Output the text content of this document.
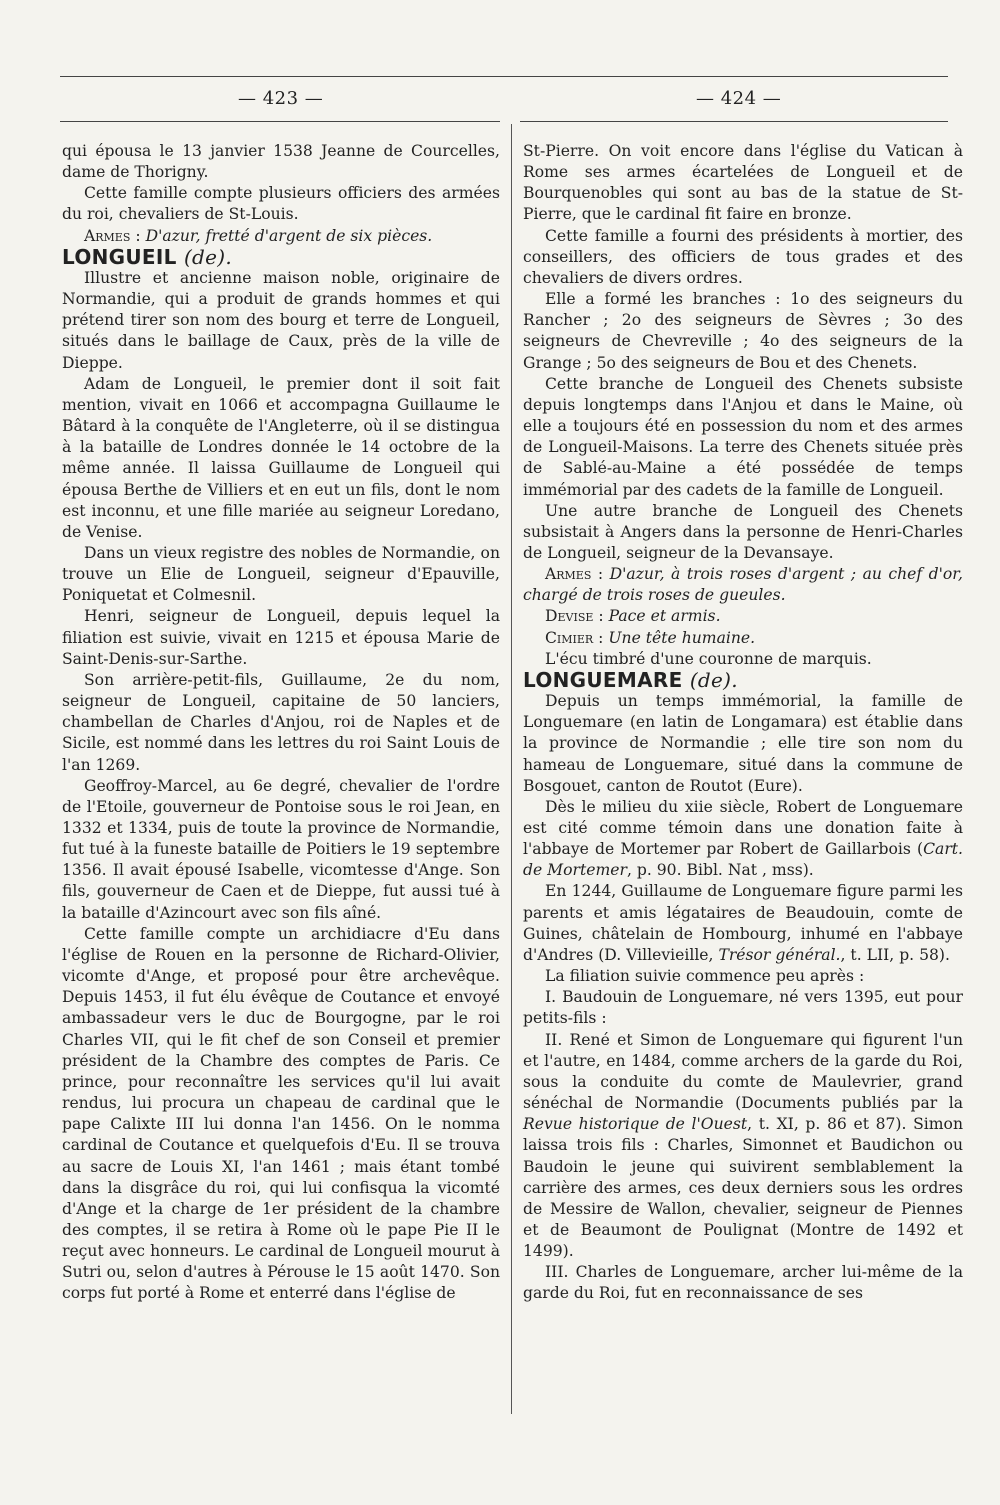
— 423 —	— 424 —

qui épousa le 13 janvier 1538 Jeanne de Courcelles, dame de Thorigny.

Cette famille compte plusieurs officiers des armées du roi, chevaliers de St-Louis.

Armes : D'azur, fretté d'argent de six pièces.

LONGUEIL (de).

Illustre et ancienne maison noble, originaire de Normandie, qui a produit de grands hommes et qui prétend tirer son nom des bourg et terre de Longueil, situés dans le baillage de Caux, près de la ville de Dieppe.

Adam de Longueil, le premier dont il soit fait mention, vivait en 1066 et accompagna Guillaume le Bâtard à la conquête de l'Angleterre, où il se distingua à la bataille de Londres donnée le 14 octobre de la même année. Il laissa Guillaume de Longueil qui épousa Berthe de Villiers et en eut un fils, dont le nom est inconnu, et une fille mariée au seigneur Loredano, de Venise.

Dans un vieux registre des nobles de Normandie, on trouve un Elie de Longueil, seigneur d'Epauville, Poniquetat et Colmesnil.

Henri, seigneur de Longueil, depuis lequel la filiation est suivie, vivait en 1215 et épousa Marie de Saint-Denis-sur-Sarthe.

Son arrière-petit-fils, Guillaume, 2e du nom, seigneur de Longueil, capitaine de 50 lanciers, chambellan de Charles d'Anjou, roi de Naples et de Sicile, est nommé dans les lettres du roi Saint Louis de l'an 1269.

Geoffroy-Marcel, au 6e degré, chevalier de l'ordre de l'Etoile, gouverneur de Pontoise sous le roi Jean, en 1332 et 1334, puis de toute la province de Normandie, fut tué à la funeste bataille de Poitiers le 19 septembre 1356. Il avait épousé Isabelle, vicomtesse d'Ange. Son fils, gouverneur de Caen et de Dieppe, fut aussi tué à la bataille d'Azincourt avec son fils aîné.

Cette famille compte un archidiacre d'Eu dans l'église de Rouen en la personne de Richard-Olivier, vicomte d'Ange, et proposé pour être archevêque. Depuis 1453, il fut élu évêque de Coutance et envoyé ambassadeur vers le duc de Bourgogne, par le roi Charles VII, qui le fit chef de son Conseil et premier président de la Chambre des comptes de Paris. Ce prince, pour reconnaître les services qu'il lui avait rendus, lui procura un chapeau de cardinal que le pape Calixte III lui donna l'an 1456. On le nomma cardinal de Coutance et quelquefois d'Eu. Il se trouva au sacre de Louis XI, l'an 1461 ; mais étant tombé dans la disgrâce du roi, qui lui confisqua la vicomté d'Ange et la charge de 1er président de la chambre des comptes, il se retira à Rome où le pape Pie II le reçut avec honneurs. Le cardinal de Longueil mourut à Sutri ou, selon d'autres à Pérouse le 15 août 1470. Son corps fut porté à Rome et enterré dans l'église de

St-Pierre. On voit encore dans l'église du Vatican à Rome ses armes écartelées de Longueil et de Bourquenobles qui sont au bas de la statue de St-Pierre, que le cardinal fit faire en bronze.

Cette famille a fourni des présidents à mortier, des conseillers, des officiers de tous grades et des chevaliers de divers ordres.

Elle a formé les branches : 1o des seigneurs du Rancher ; 2o des seigneurs de Sèvres ; 3o des seigneurs de Chevreville ; 4o des seigneurs de la Grange ; 5o des seigneurs de Bou et des Chenets.

Cette branche de Longueil des Chenets subsiste depuis longtemps dans l'Anjou et dans le Maine, où elle a toujours été en possession du nom et des armes de Longueil-Maisons. La terre des Chenets située près de Sablé-au-Maine a été possédée de temps immémorial par des cadets de la famille de Longueil.

Une autre branche de Longueil des Chenets subsistait à Angers dans la personne de Henri-Charles de Longueil, seigneur de la Devansaye.

Armes : D'azur, à trois roses d'argent ; au chef d'or, chargé de trois roses de gueules.

Devise : Pace et armis.

Cimier : Une tête humaine.

L'écu timbré d'une couronne de marquis.

LONGUEMARE (de).

Depuis un temps immémorial, la famille de Longuemare (en latin de Longamara) est établie dans la province de Normandie ; elle tire son nom du hameau de Longuemare, situé dans la commune de Bosgouet, canton de Routot (Eure).

Dès le milieu du xiie siècle, Robert de Longuemare est cité comme témoin dans une donation faite à l'abbaye de Mortemer par Robert de Gaillarbois (Cart. de Mortemer, p. 90. Bibl. Nat , mss).

En 1244, Guillaume de Longuemare figure parmi les parents et amis légataires de Beaudouin, comte de Guines, châtelain de Hombourg, inhumé en l'abbaye d'Andres (D. Villevieille, Trésor général., t. LII, p. 58).

La filiation suivie commence peu après :

I. Baudouin de Longuemare, né vers 1395, eut pour petits-fils :

II. René et Simon de Longuemare qui figurent l'un et l'autre, en 1484, comme archers de la garde du Roi, sous la conduite du comte de Maulevrier, grand sénéchal de Normandie (Documents publiés par la Revue historique de l'Ouest, t. XI, p. 86 et 87). Simon laissa trois fils : Charles, Simonnet et Baudichon ou Baudoin le jeune qui suivirent semblablement la carrière des armes, ces deux derniers sous les ordres de Messire de Wallon, chevalier, seigneur de Piennes et de Beaumont de Poulignat (Montre de 1492 et 1499).

III. Charles de Longuemare, archer lui-même de la garde du Roi, fut en reconnaissance de ses
